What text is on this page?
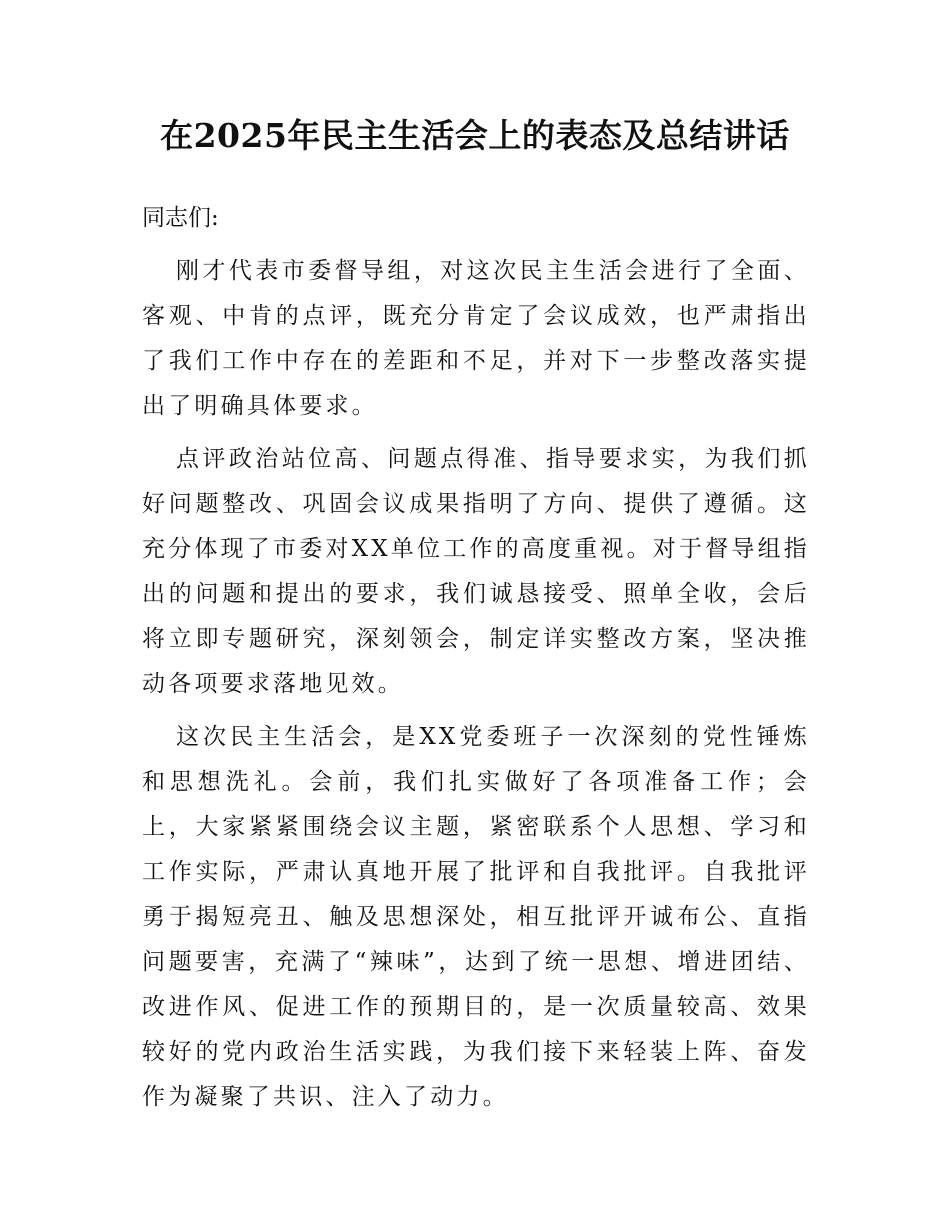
在2025年民主生活会上的表态及总结讲话

同志们:

刚才代表市委督导组，对这次民主生活会进行了全面、客观、中肯的点评，既充分肯定了会议成效，也严肃指出了我们工作中存在的差距和不足，并对下一步整改落实提出了明确具体要求。

点评政治站位高、问题点得准、指导要求实，为我们抓好问题整改、巩固会议成果指明了方向、提供了遵循。这充分体现了市委对XX单位工作的高度重视。对于督导组指出的问题和提出的要求，我们诚恳接受、照单全收，会后将立即专题研究，深刻领会，制定详实整改方案，坚决推动各项要求落地见效。

这次民主生活会，是XX党委班子一次深刻的党性锤炼和思想洗礼。会前，我们扎实做好了各项准备工作；会上，大家紧紧围绕会议主题，紧密联系个人思想、学习和工作实际，严肃认真地开展了批评和自我批评。自我批评勇于揭短亮丑、触及思想深处，相互批评开诚布公、直指问题要害，充满了“辣味”，达到了统一思想、增进团结、改进作风、促进工作的预期目的，是一次质量较高、效果较好的党内政治生活实践，为我们接下来轻装上阵、奋发作为凝聚了共识、注入了动力。
